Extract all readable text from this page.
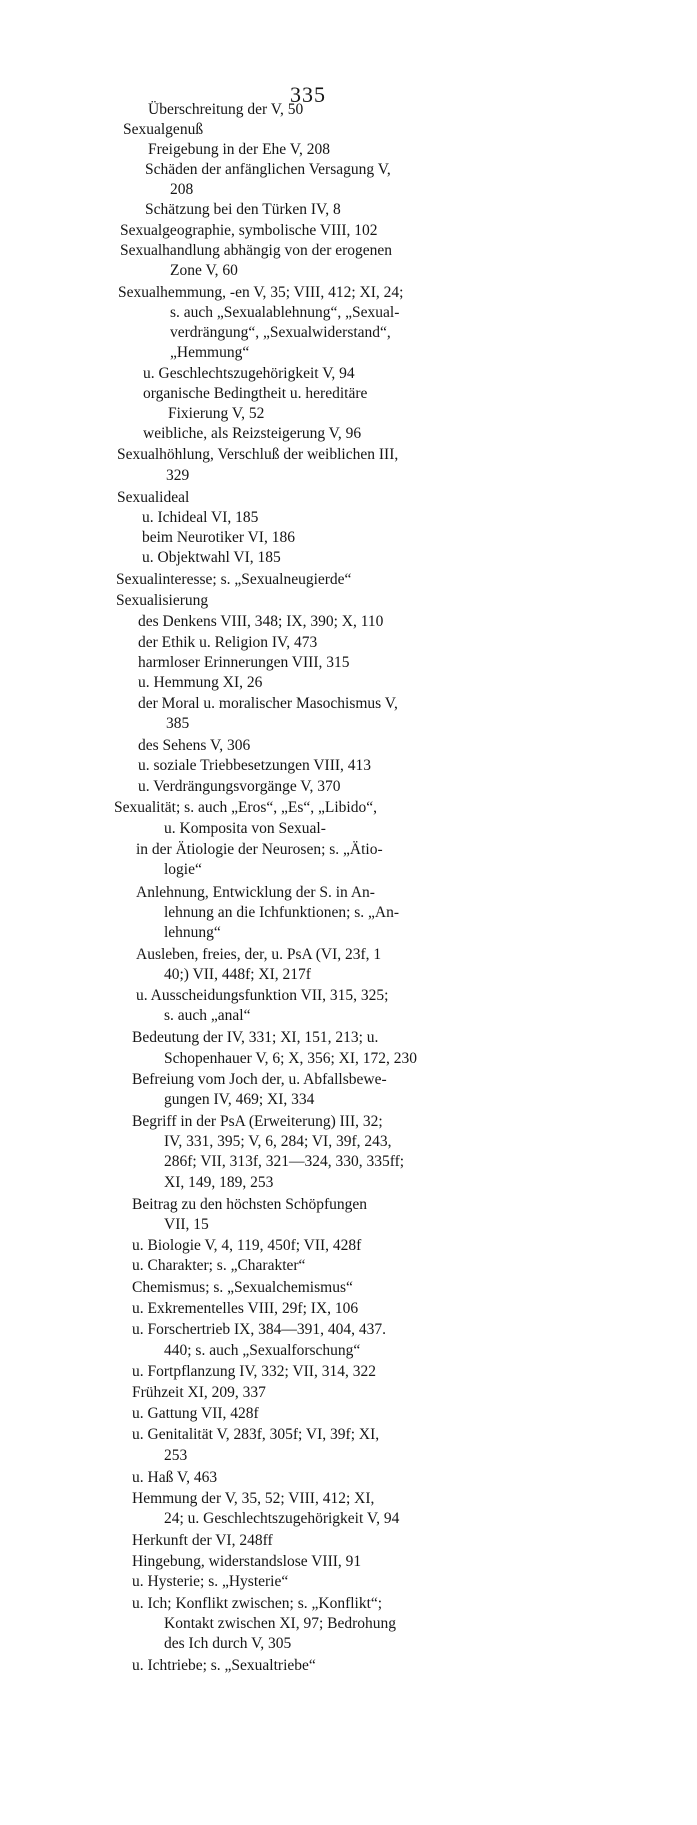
335
Überschreitung der V, 50
Sexualgenuß
Freigebung in der Ehe V, 208
Schäden der anfänglichen Versagung V,
208
Schätzung bei den Türken IV, 8
Sexualgeographie, symbolische VIII, 102
Sexualhandlung abhängig von der erogenen
Zone V, 60
Sexualhemmung, -en V, 35; VIII, 412; XI, 24;
s. auch „Sexualablehnung“, „Sexual-
verdrängung“, „Sexualwiderstand“,
„Hemmung“
u. Geschlechtszugehörigkeit V, 94
organische Bedingtheit u. hereditäre
Fixierung V, 52
weibliche, als Reizsteigerung V, 96
Sexualhöhlung, Verschluß der weiblichen III,
329
Sexualideal
u. Ichideal VI, 185
beim Neurotiker VI, 186
u. Objektwahl VI, 185
Sexualinteresse; s. „Sexualneugierde“
Sexualisierung
des Denkens VIII, 348; IX, 390; X, 110
der Ethik u. Religion IV, 473
harmloser Erinnerungen VIII, 315
u. Hemmung XI, 26
der Moral u. moralischer Masochismus V,
385
des Sehens V, 306
u. soziale Triebbesetzungen VIII, 413
u. Verdrängungsvorgänge V, 370
Sexualität; s. auch „Eros“, „Es“, „Libido“,
u. Komposita von Sexual-
in der Ätiologie der Neurosen; s. „Ätio-
logie“
Anlehnung, Entwicklung der S. in An-
lehnung an die Ichfunktionen; s. „An-
lehnung“
Ausleben, freies, der, u. PsA (VI, 23f, 1
40;) VII, 448f; XI, 217f
u. Ausscheidungsfunktion VII, 315, 325;
s. auch „anal“
Bedeutung der IV, 331; XI, 151, 213; u.
Schopenhauer V, 6; X, 356; XI, 172, 230
Befreiung vom Joch der, u. Abfallsbewe-
gungen IV, 469; XI, 334
Begriff in der PsA (Erweiterung) III, 32;
IV, 331, 395; V, 6, 284; VI, 39f, 243,
286f; VII, 313f, 321—324, 330, 335ff;
XI, 149, 189, 253
Beitrag zu den höchsten Schöpfungen
VII, 15
u. Biologie V, 4, 119, 450f; VII, 428f
u. Charakter; s. „Charakter“
Chemismus; s. „Sexualchemismus“
u. Exkrementelles VIII, 29f; IX, 106
u. Forschertrieb IX, 384—391, 404, 437.
440; s. auch „Sexualforschung“
u. Fortpflanzung IV, 332; VII, 314, 322
Frühzeit XI, 209, 337
u. Gattung VII, 428f
u. Genitalität V, 283f, 305f; VI, 39f; XI,
253
u. Haß V, 463
Hemmung der V, 35, 52; VIII, 412; XI,
24; u. Geschlechtszugehörigkeit V, 94
Herkunft der VI, 248ff
Hingebung, widerstandslose VIII, 91
u. Hysterie; s. „Hysterie“
u. Ich; Konflikt zwischen; s. „Konflikt“;
Kontakt zwischen XI, 97; Bedrohung
des Ich durch V, 305
u. Ichtriebe; s. „Sexualtriebe“
